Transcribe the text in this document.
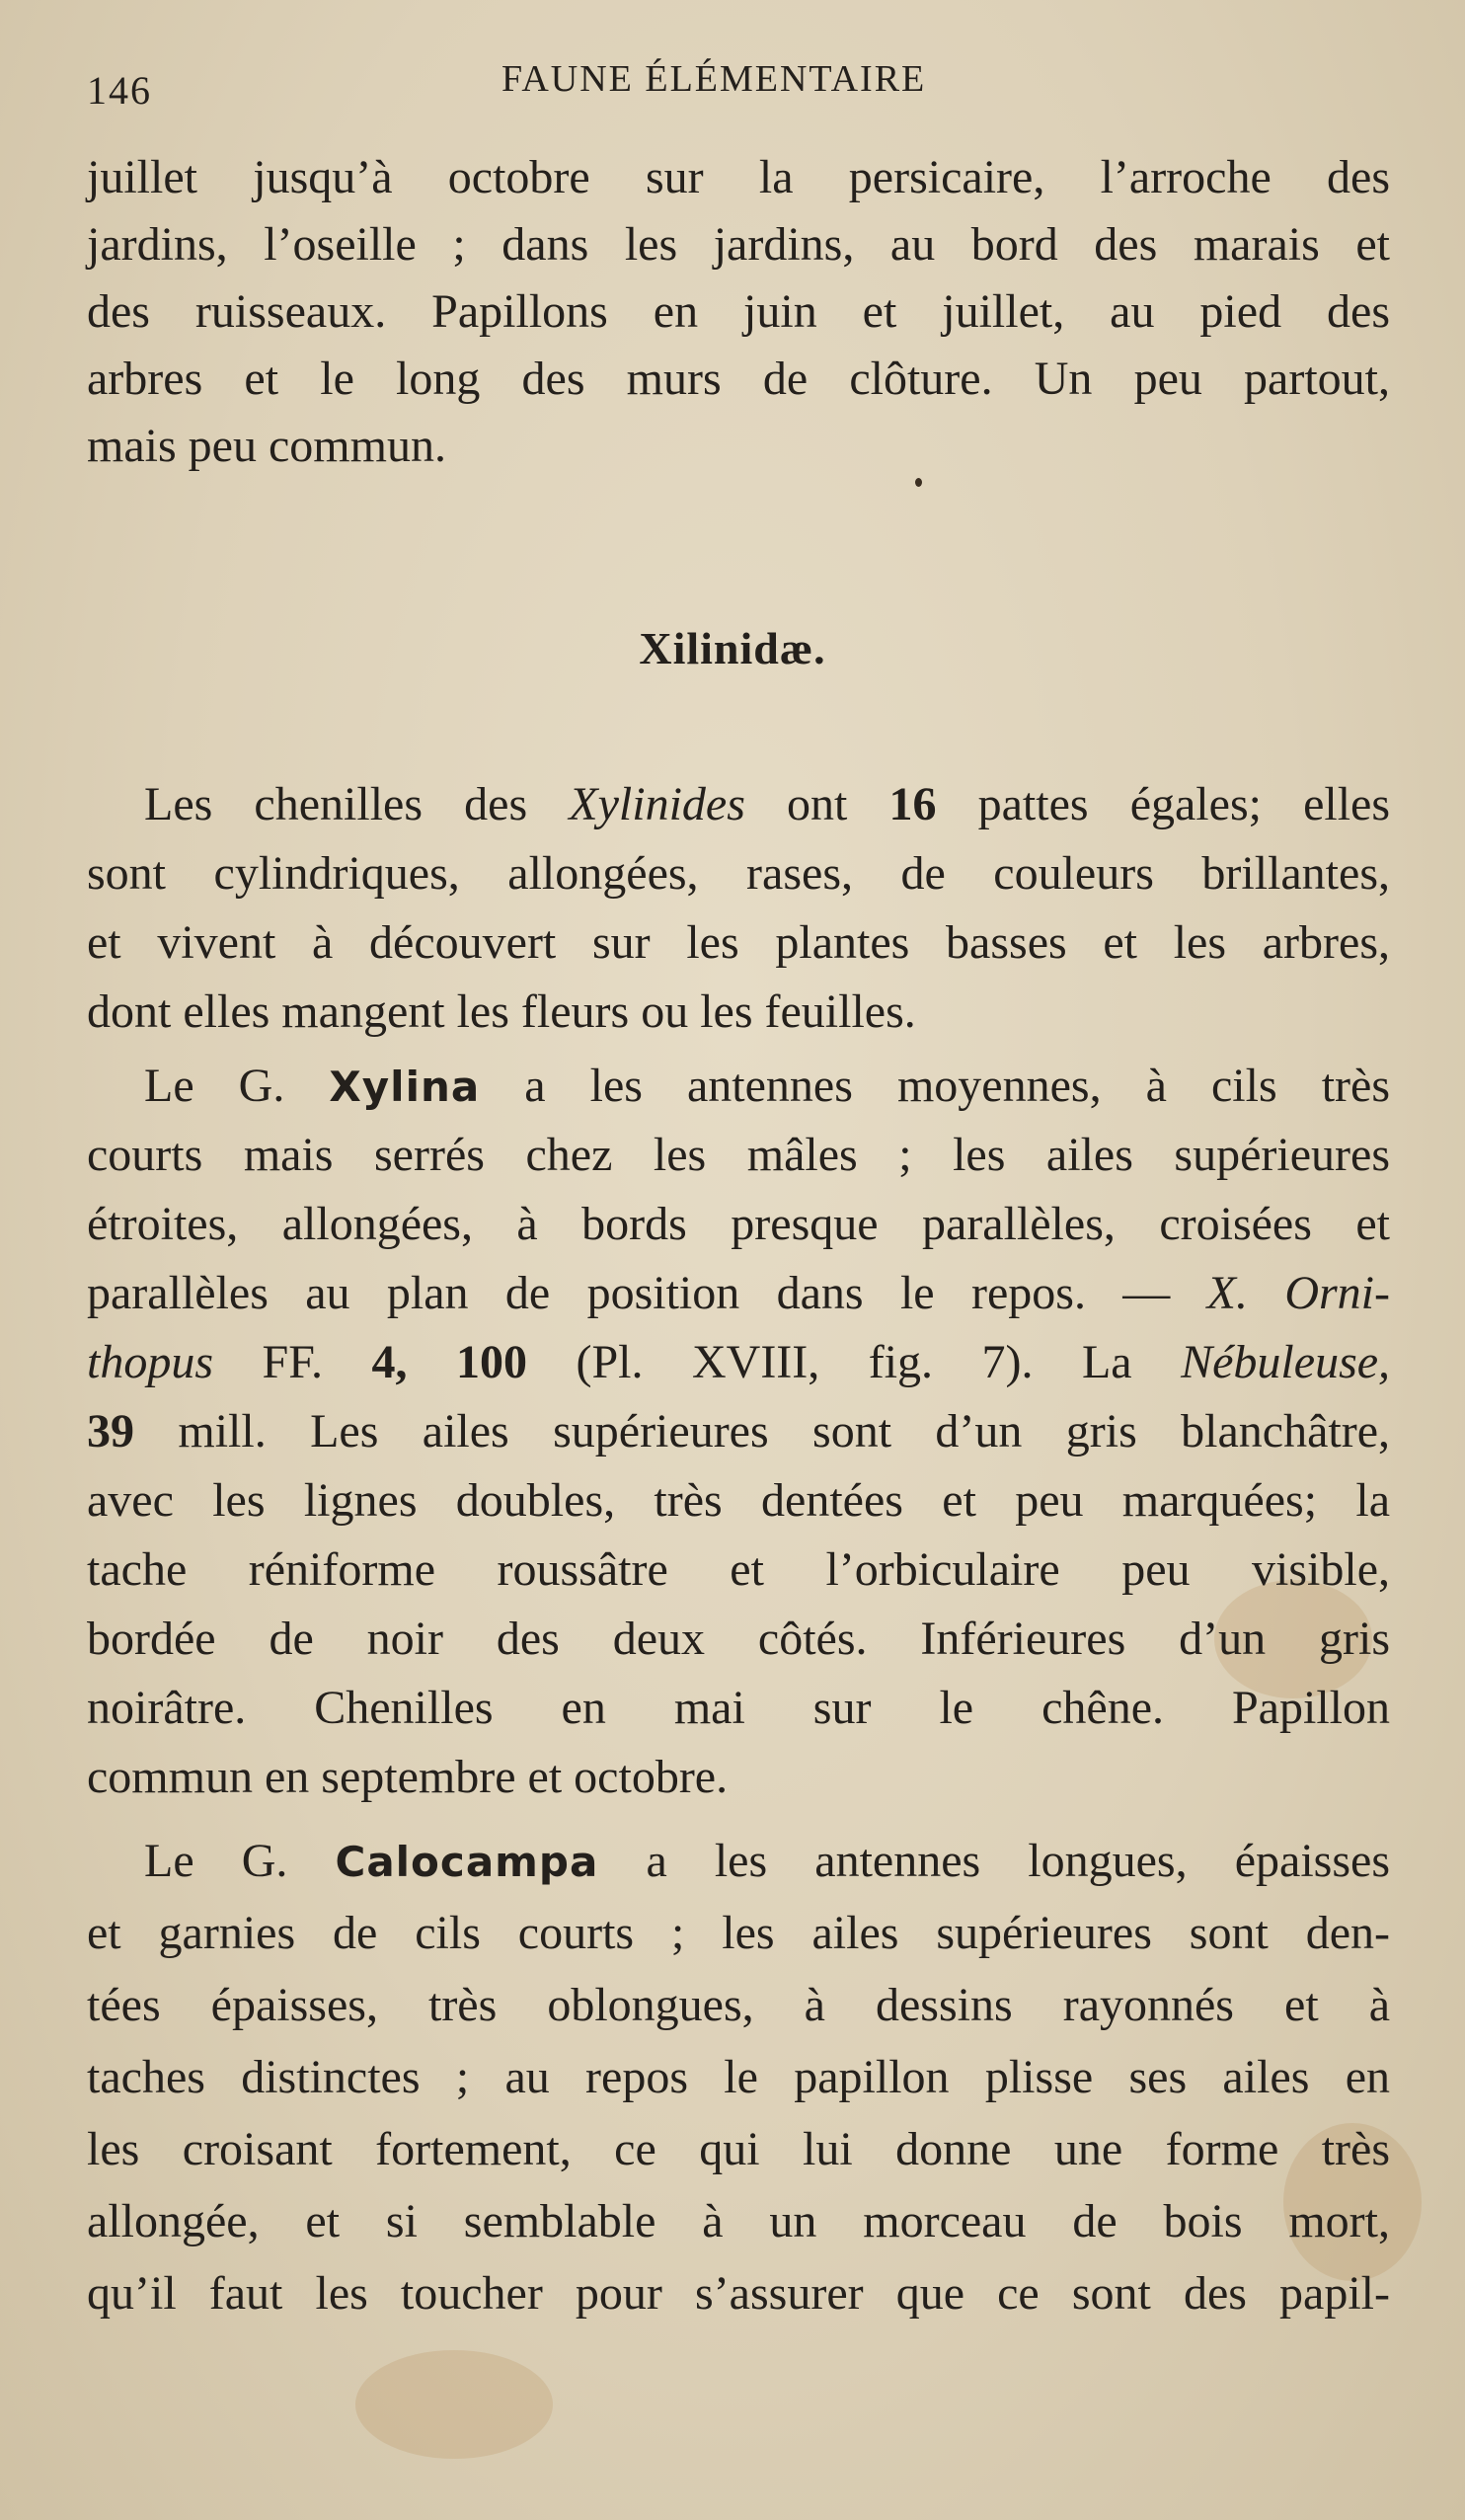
146	FAUNE ÉLÉMENTAIRE
juillet jusqu’à octobre sur la persicaire, l’arroche des
jardins, l’oseille ; dans les jardins, au bord des marais et
des ruisseaux. Papillons en juin et juillet, au pied des
arbres et le long des murs de clôture. Un peu partout,
mais peu commun.
Xilinidæ.
Les chenilles des Xylinides ont 16 pattes égales; elles
sont cylindriques, allongées, rases, de couleurs brillantes,
et vivent à découvert sur les plantes basses et les arbres,
dont elles mangent les fleurs ou les feuilles.
Le G. Xylina a les antennes moyennes, à cils très
courts mais serrés chez les mâles ; les ailes supérieures
étroites, allongées, à bords presque parallèles, croisées et
parallèles au plan de position dans le repos. — X. Orni-
thopus FF. 4, 100 (Pl. XVIII, fig. 7). La Nébuleuse,
39 mill. Les ailes supérieures sont d’un gris blanchâtre,
avec les lignes doubles, très dentées et peu marquées; la
tache réniforme roussâtre et l’orbiculaire peu visible,
bordée de noir des deux côtés. Inférieures d’un gris
noirâtre. Chenilles en mai sur le chêne. Papillon
commun en septembre et octobre.
Le G. Calocampa a les antennes longues, épaisses
et garnies de cils courts ; les ailes supérieures sont den-
tées épaisses, très oblongues, à dessins rayonnés et à
taches distinctes ; au repos le papillon plisse ses ailes en
les croisant fortement, ce qui lui donne une forme très
allongée, et si semblable à un morceau de bois mort,
qu’il faut les toucher pour s’assurer que ce sont des papil-
